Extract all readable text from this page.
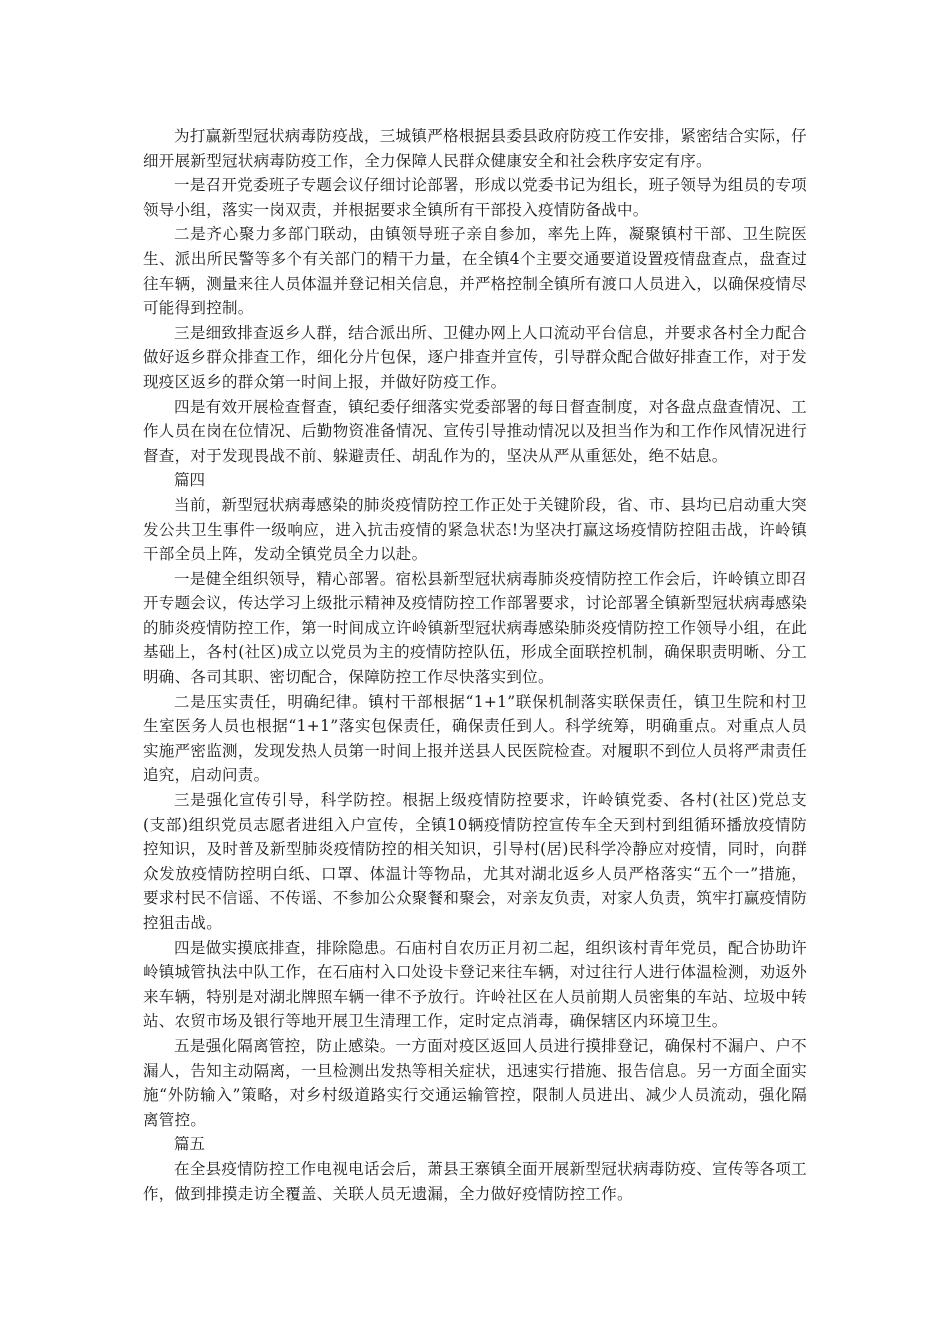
为打赢新型冠状病毒防疫战，三城镇严格根据县委县政府防疫工作安排，紧密结合实际，仔细开展新型冠状病毒防疫工作，全力保障人民群众健康安全和社会秩序安定有序。

一是召开党委班子专题会议仔细讨论部署，形成以党委书记为组长，班子领导为组员的专项领导小组，落实一岗双责，并根据要求全镇所有干部投入疫情防备战中。

二是齐心聚力多部门联动，由镇领导班子亲自参加，率先上阵，凝聚镇村干部、卫生院医生、派出所民警等多个有关部门的精干力量，在全镇4个主要交通要道设置疫情盘查点，盘查过往车辆，测量来往人员体温并登记相关信息，并严格控制全镇所有渡口人员进入，以确保疫情尽可能得到控制。

三是细致排查返乡人群，结合派出所、卫健办网上人口流动平台信息，并要求各村全力配合做好返乡群众排查工作，细化分片包保，逐户排查并宣传，引导群众配合做好排查工作，对于发现疫区返乡的群众第一时间上报，并做好防疫工作。

四是有效开展检查督查，镇纪委仔细落实党委部署的每日督查制度，对各盘点盘查情况、工作人员在岗在位情况、后勤物资准备情况、宣传引导推动情况以及担当作为和工作作风情况进行督查，对于发现畏战不前、躲避责任、胡乱作为的，坚决从严从重惩处，绝不姑息。

篇四

当前，新型冠状病毒感染的肺炎疫情防控工作正处于关键阶段，省、市、县均已启动重大突发公共卫生事件一级响应，进入抗击疫情的紧急状态!为坚决打赢这场疫情防控阻击战，许岭镇干部全员上阵，发动全镇党员全力以赴。

一是健全组织领导，精心部署。宿松县新型冠状病毒肺炎疫情防控工作会后，许岭镇立即召开专题会议，传达学习上级批示精神及疫情防控工作部署要求，讨论部署全镇新型冠状病毒感染的肺炎疫情防控工作，第一时间成立许岭镇新型冠状病毒感染肺炎疫情防控工作领导小组，在此基础上，各村(社区)成立以党员为主的疫情防控队伍，形成全面联控机制，确保职责明晰、分工明确、各司其职、密切配合，保障防控工作尽快落实到位。

二是压实责任，明确纪律。镇村干部根据“1+1”联保机制落实联保责任，镇卫生院和村卫生室医务人员也根据“1+1”落实包保责任，确保责任到人。科学统筹，明确重点。对重点人员实施严密监测，发现发热人员第一时间上报并送县人民医院检查。对履职不到位人员将严肃责任追究，启动问责。

三是强化宣传引导，科学防控。根据上级疫情防控要求，许岭镇党委、各村(社区)党总支(支部)组织党员志愿者进组入户宣传，全镇10辆疫情防控宣传车全天到村到组循环播放疫情防控知识，及时普及新型肺炎疫情防控的相关知识，引导村(居)民科学冷静应对疫情，同时，向群众发放疫情防控明白纸、口罩、体温计等物品，尤其对湖北返乡人员严格落实“五个一”措施，要求村民不信谣、不传谣、不参加公众聚餐和聚会，对亲友负责，对家人负责，筑牢打赢疫情防控狙击战。

四是做实摸底排查，排除隐患。石庙村自农历正月初二起，组织该村青年党员，配合协助许岭镇城管执法中队工作，在石庙村入口处设卡登记来往车辆，对过往行人进行体温检测，劝返外来车辆，特别是对湖北牌照车辆一律不予放行。许岭社区在人员前期人员密集的车站、垃圾中转站、农贸市场及银行等地开展卫生清理工作，定时定点消毒，确保辖区内环境卫生。

五是强化隔离管控，防止感染。一方面对疫区返回人员进行摸排登记，确保村不漏户、户不漏人，告知主动隔离，一旦检测出发热等相关症状，迅速实行措施、报告信息。另一方面全面实施“外防输入”策略，对乡村级道路实行交通运输管控，限制人员进出、减少人员流动，强化隔离管控。

篇五

在全县疫情防控工作电视电话会后，萧县王寨镇全面开展新型冠状病毒防疫、宣传等各项工作，做到排摸走访全覆盖、关联人员无遗漏，全力做好疫情防控工作。
